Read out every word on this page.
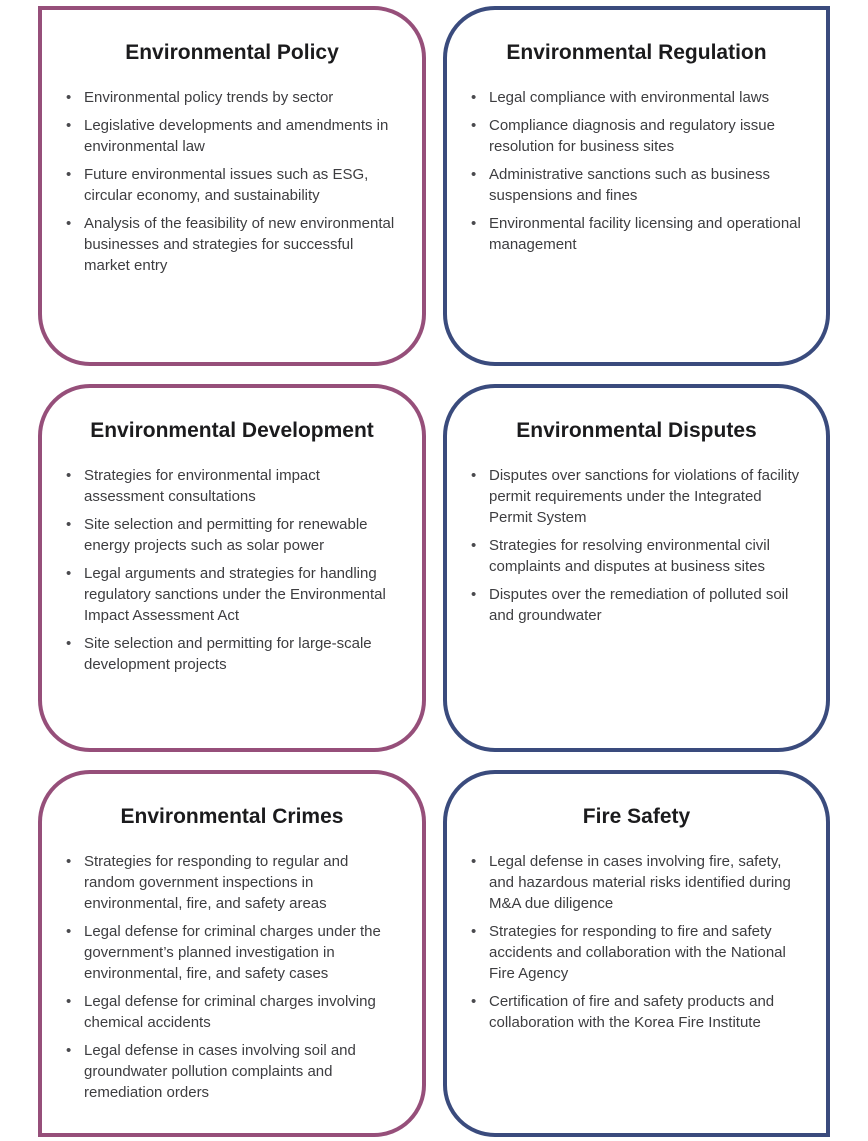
Environmental Policy
• Environmental policy trends by sector
• Legislative developments and amendments in environmental law
• Future environmental issues such as ESG, circular economy, and sustainability
• Analysis of the feasibility of new environmental businesses and strategies for successful market entry
Environmental Regulation
• Legal compliance with environmental laws
• Compliance diagnosis and regulatory issue resolution for business sites
• Administrative sanctions such as business suspensions and fines
• Environmental facility licensing and operational management
Environmental Development
• Strategies for environmental impact assessment consultations
• Site selection and permitting for renewable energy projects such as solar power
• Legal arguments and strategies for handling regulatory sanctions under the Environmental Impact Assessment Act
• Site selection and permitting for large-scale development projects
Environmental Disputes
• Disputes over sanctions for violations of facility permit requirements under the Integrated Permit System
• Strategies for resolving environmental civil complaints and disputes at business sites
• Disputes over the remediation of polluted soil and groundwater
Environmental Crimes
• Strategies for responding to regular and random government inspections in environmental, fire, and safety areas
• Legal defense for criminal charges under the government’s planned investigation in environmental, fire, and safety cases
• Legal defense for criminal charges involving chemical accidents
• Legal defense in cases involving soil and groundwater pollution complaints and remediation orders
Fire Safety
• Legal defense in cases involving fire, safety, and hazardous material risks identified during M&A due diligence
• Strategies for responding to fire and safety accidents and collaboration with the National Fire Agency
• Certification of fire and safety products and collaboration with the Korea Fire Institute
